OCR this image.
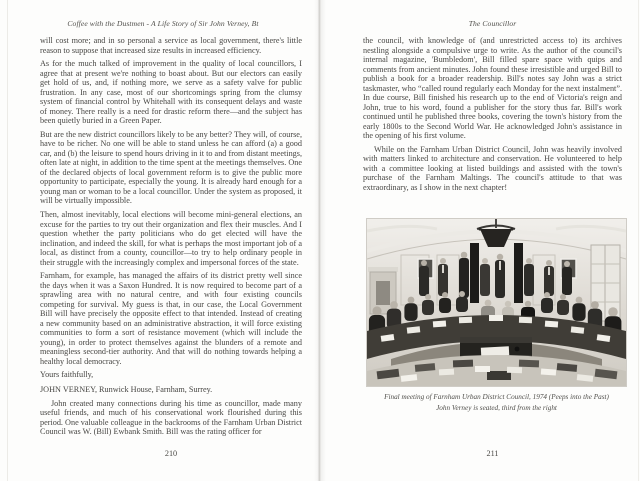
Coffee with the Dustmen - A Life Story of Sir John Verney, Bt

will cost more; and in so personal a service as local government, there's little reason to suppose that increased size results in increased efficiency.

As for the much talked of improvement in the quality of local councillors, I agree that at present we're nothing to boast about. But our electors can easily get hold of us, and, if nothing more, we serve as a safety valve for public frustration. In any case, most of our shortcomings spring from the clumsy system of financial control by Whitehall with its consequent delays and waste of money. There really is a need for drastic reform there—and the subject has been quietly buried in a Green Paper.

But are the new district councillors likely to be any better? They will, of course, have to be richer. No one will be able to stand unless he can afford (a) a good car, and (b) the leisure to spend hours driving in it to and from distant meetings, often late at night, in addition to the time spent at the meetings themselves. One of the declared objects of local government reform is to give the public more opportunity to participate, especially the young. It is already hard enough for a young man or woman to be a local councillor. Under the system as proposed, it will be virtually impossible.

Then, almost inevitably, local elections will become mini-general elections, an excuse for the parties to try out their organization and flex their muscles. And I question whether the party politicians who do get elected will have the inclination, and indeed the skill, for what is perhaps the most important job of a local, as distinct from a county, councillor—to try to help ordinary people in their struggle with the increasingly complex and impersonal forces of the state.

Farnham, for example, has managed the affairs of its district pretty well since the days when it was a Saxon Hundred. It is now required to become part of a sprawling area with no natural centre, and with four existing councils competing for survival. My guess is that, in our case, the Local Government Bill will have precisely the opposite effect to that intended. Instead of creating a new community based on an administrative abstraction, it will force existing communities to form a sort of resistance movement (which will include the young), in order to protect themselves against the blunders of a remote and meaningless second-tier authority. And that will do nothing towards helping a healthy local democracy.

Yours faithfully,

JOHN VERNEY, Runwick House, Farnham, Surrey.

John created many connections during his time as councillor, made many useful friends, and much of his conservational work flourished during this period. One valuable colleague in the backrooms of the Farnham Urban District Council was W. (Bill) Ewbank Smith. Bill was the rating officer for

210
The Councillor

the council, with knowledge of (and unrestricted access to) its archives nestling alongside a compulsive urge to write. As the author of the council's internal magazine, 'Bumbledom', Bill filled spare space with quips and comments from ancient minutes. John found these irresistible and urged Bill to publish a book for a broader readership. Bill's notes say John was a strict taskmaster, who “called round regularly each Monday for the next instalment”. In due course, Bill finished his research up to the end of Victoria's reign and John, true to his word, found a publisher for the story thus far. Bill's work continued until he published three books, covering the town's history from the early 1800s to the Second World War. He acknowledged John's assistance in the opening of his first volume.

While on the Farnham Urban District Council, John was heavily involved with matters linked to architecture and conservation. He volunteered to help with a committee looking at listed buildings and assisted with the town's purchase of the Farnham Maltings. The council's attitude to that was extraordinary, as I show in the next chapter!

Final meeting of Farnham Urban District Council, 1974 (Peeps into the Past)
John Verney is seated, third from the right
211
